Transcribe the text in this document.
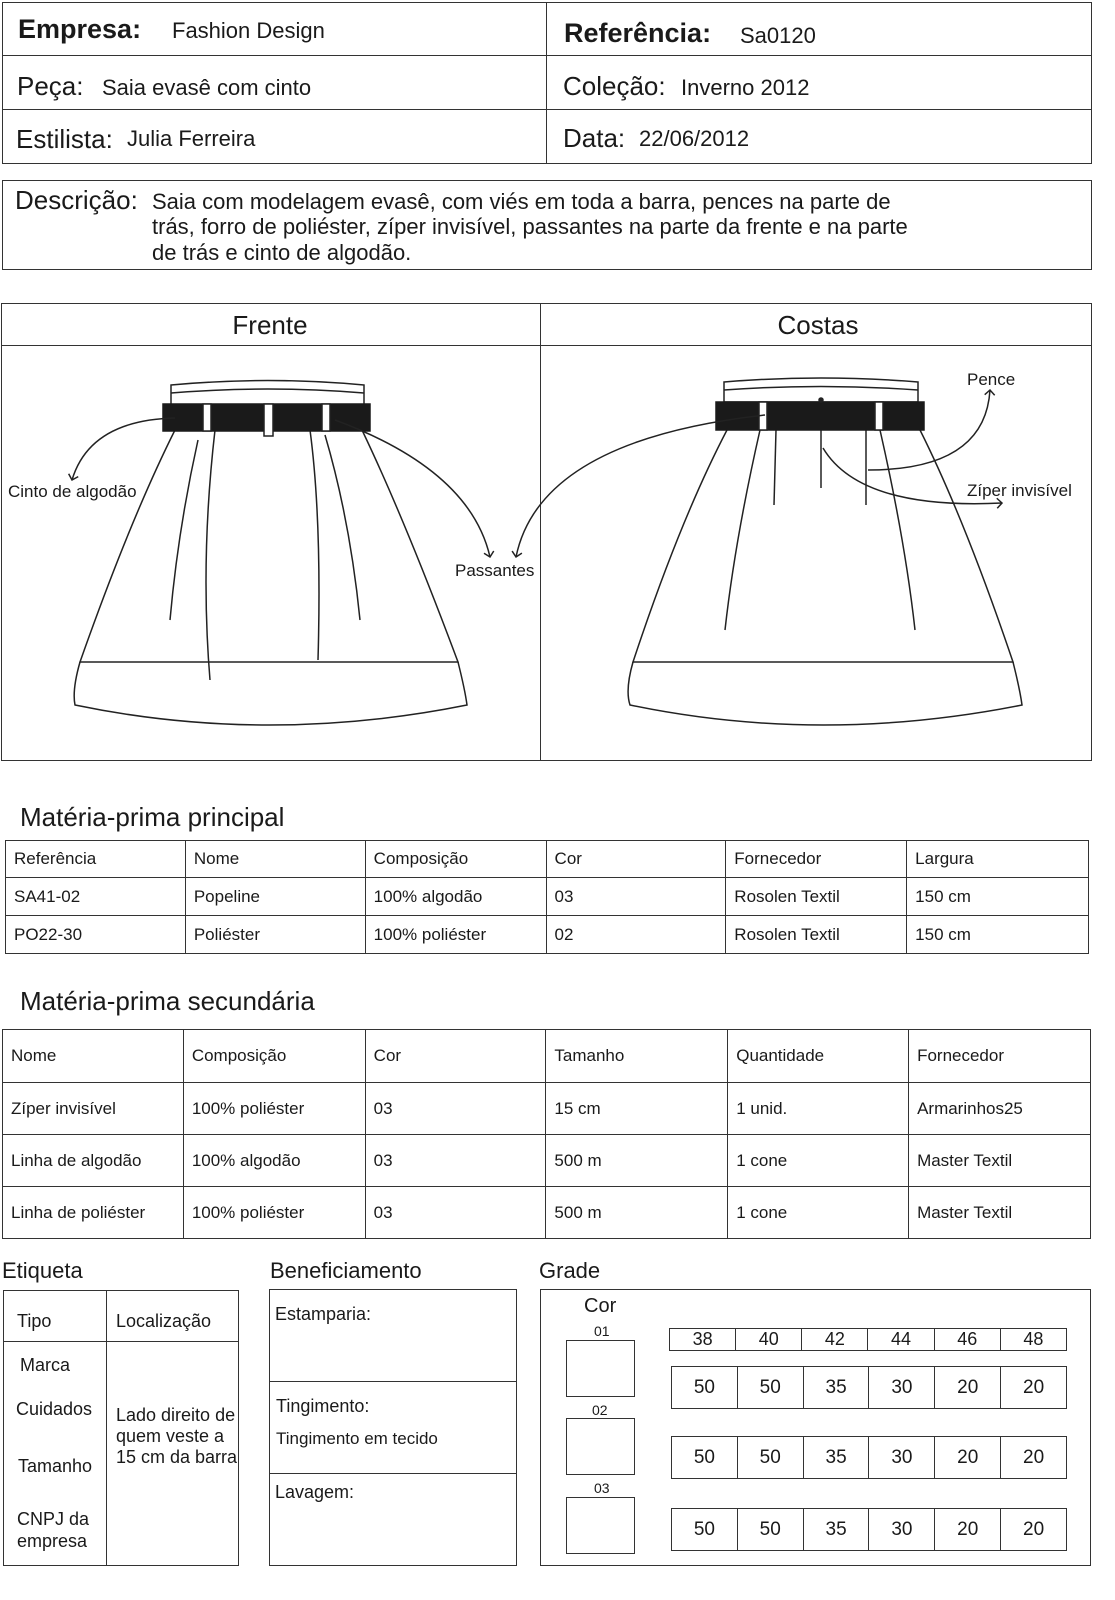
Empresa: Fashion Design	Referência: Sa0120
Peça: Saia evasê com cinto	Coleção: Inverno 2012
Estilista: Julia Ferreira	Data: 22/06/2012
Descrição: Saia com modelagem evasê, com viés em toda a barra, pences na parte de
trás, forro de poliéster, zíper invisível, passantes na parte da frente e na parte
de trás e cinto de algodão.
Frente	Costas
Cinto de algodão
Passantes
Pence
Zíper invisível
Matéria-prima principal
Referência	Nome	Composição	Cor	Fornecedor	Largura
SA41-02	Popeline	100% algodão	03	Rosolen Textil	150 cm
PO22-30	Poliéster	100% poliéster	02	Rosolen Textil	150 cm
Matéria-prima secundária
Nome	Composição	Cor	Tamanho	Quantidade	Fornecedor
Zíper invisível	100% poliéster	03	15 cm	1 unid.	Armarinhos25
Linha de algodão	100% algodão	03	500 m	1 cone	Master Textil
Linha de poliéster	100% poliéster	03	500 m	1 cone	Master Textil
Etiqueta
Tipo	Localização
Marca
Cuidados
Tamanho
CNPJ da empresa
Lado direito de quem veste a 15 cm da barra
Beneficiamento
Estamparia:
Tingimento:
Tingimento em tecido
Lavagem:
Grade
Cor
01
02
03
38	40	42	44	46	48
50	50	35	30	20	20
50	50	35	30	20	20
50	50	35	30	20	20
